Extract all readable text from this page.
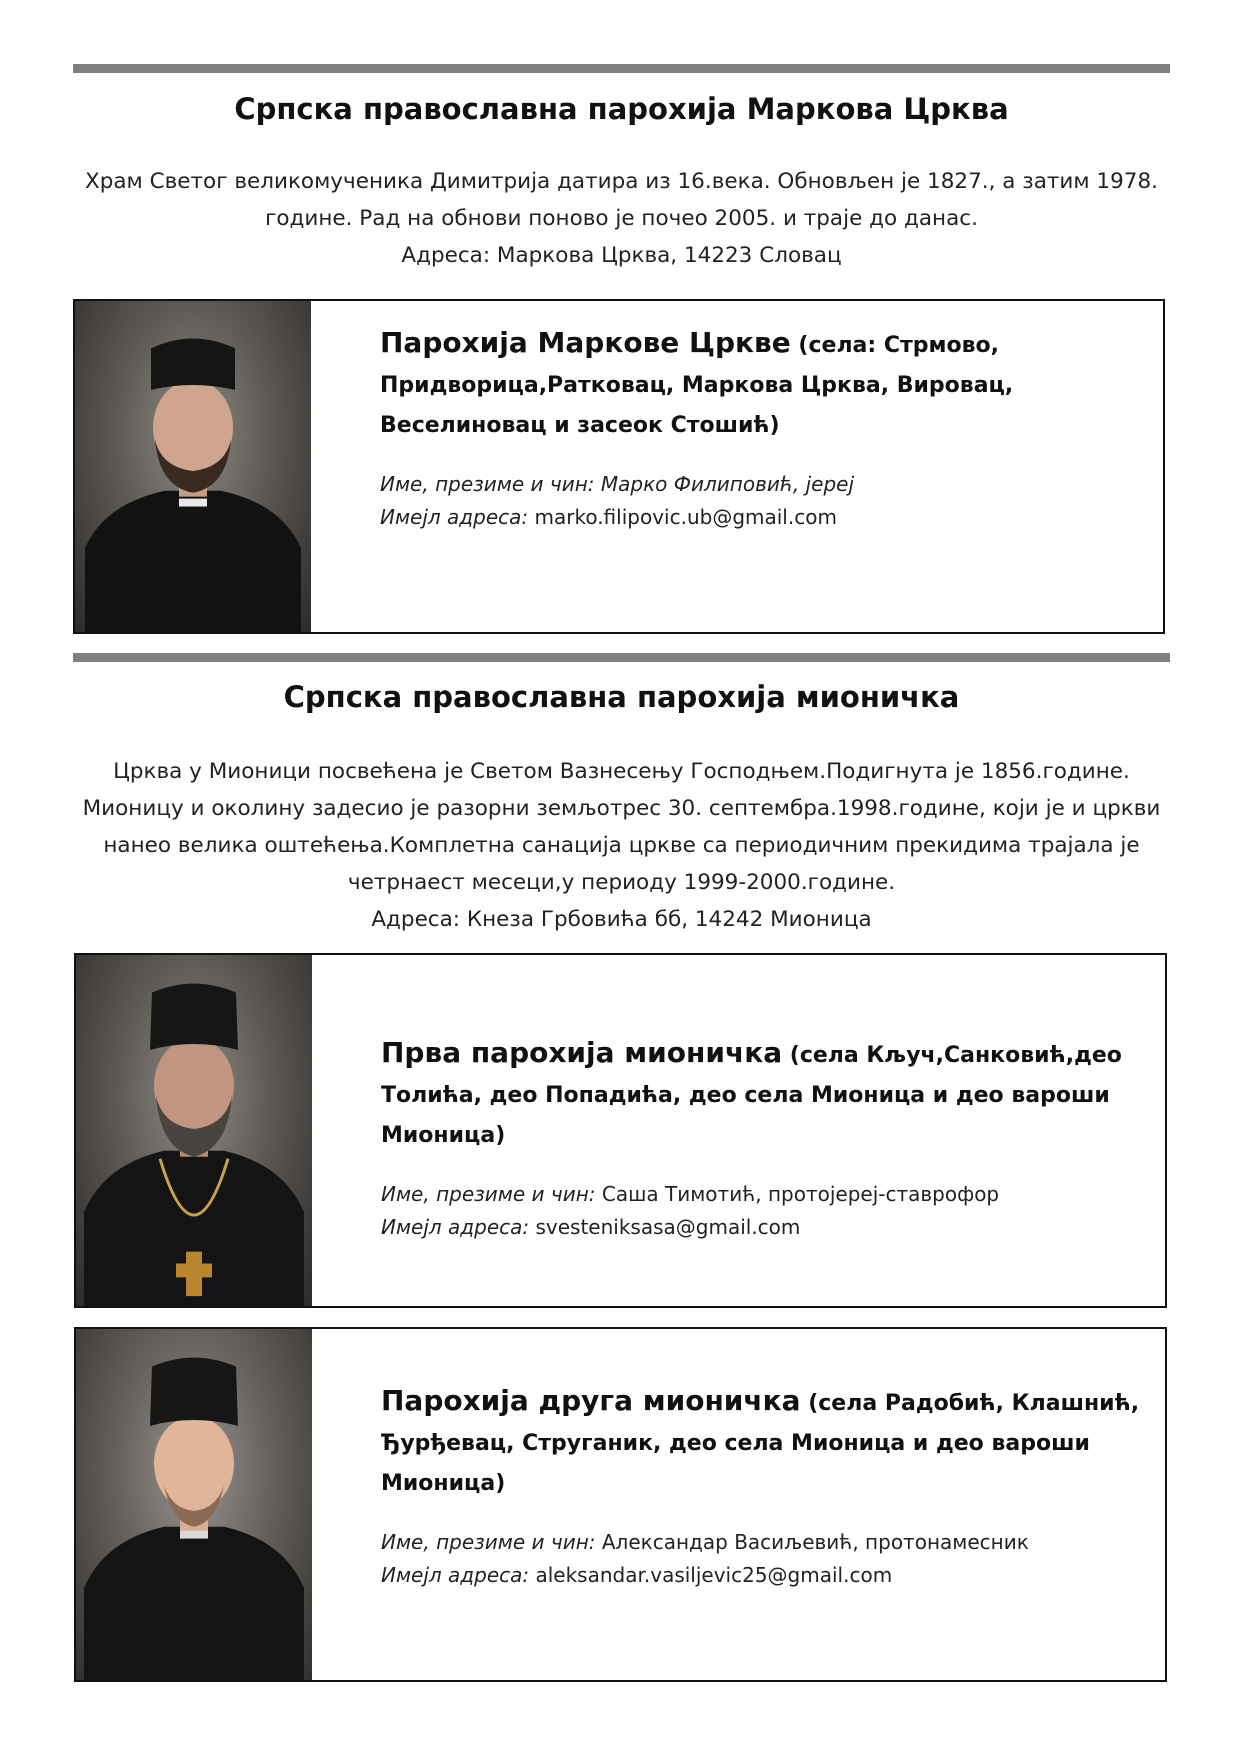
Српска православна парохија Маркова Црква

Храм Светог великомученика Димитрија датира из 16.века. Обновљен је 1827., а затим 1978.

године. Рад на обнови поново је почео 2005. и траје до данас.

Адреса: Маркова Црква, 14223 Словац

Парохија Маркове Цркве (села: Стрмово, Придворица,Ратковац, Маркова Црква, Вировац, Веселиновац и засеок Стошић)

Име, презиме и чин: Марко Филиповић, јереј
Имејл адреса: marko.filipovic.ub@gmail.com
Српска православна парохија мионичка

Црква у Мионици посвећена је Светом Вазнесењу Господњем.Подигнута је 1856.године.

Мионицу и околину задесио је разорни земљотрес 30. септембра.1998.године, који је и цркви

нанео велика оштећења.Комплетна санација цркве са периодичним прекидима трајала је

четрнаест месеци,у периоду 1999-2000.године.

Адреса: Кнеза Грбовића бб, 14242 Мионица

Прва парохија мионичка (села Кључ,Санковић,део Толића, део Попадића, део села Мионица и део вароши Мионица)

Име, презиме и чин: Саша Тимотић, протојереј-ставрофор
Имејл адреса: svesteniksasa@gmail.com

Парохија друга мионичка (села Радобић, Клашнић, Ђурђевац, Струганик, део села Мионица и део вароши Мионица)

Име, презиме и чин: Александар Васиљевић, протонамесник
Имејл адреса: aleksandar.vasiljevic25@gmail.com
